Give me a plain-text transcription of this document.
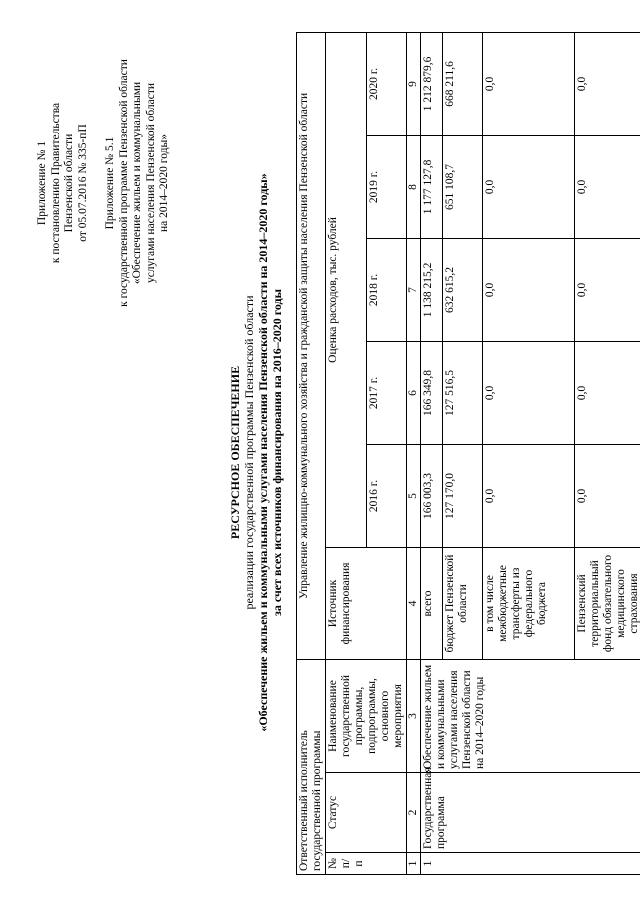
Приложение № 1 к постановлению Правительства Пензенской области от 05.07.2016 № 335-пП Приложение № 5.1 к государственной программе Пензенской области «Обеспечение жильем и коммунальными услугами населения Пензенской области на 2014–2020 годы»
РЕСУРСНОЕ ОБЕСПЕЧЕНИЕ реализации государственной программы Пензенской области «Обеспечение жильем и коммунальными услугами населения Пензенской области на 2014–2020 годы» за счет всех источников финансирования на 2016–2020 годы
Ответственный исполнитель государственной программы			Управление жилищно-коммунального хозяйства и гражданской защиты населения Пензенской области					
№ п/п	Статус	Наименование государственной программы, подпрограммы, основного мероприятия	Источник финансирования	Оценка расходов, тыс. рублей				
				2016 г.	2017 г.	2018 г.	2019 г.	2020 г.
1	2	3	4	5	6	7	8	9
1	Государственная программа	Обеспечение жильем и коммунальными услугами населения Пензенской области на 2014–2020 годы	всего	166 003,3	166 349,8	1 138 215,2	1 177 127,8	1 212 879,6
			бюджет Пензенской области	127 170,0	127 516,5	632 615,2	651 108,7	668 211,6
			в том числе межбюджетные трансферты из федерального бюджета	0,0	0,0	0,0	0,0	0,0
			Пензенский территориальный фонд обязательного медицинского страхования	0,0	0,0	0,0	0,0	0,0
